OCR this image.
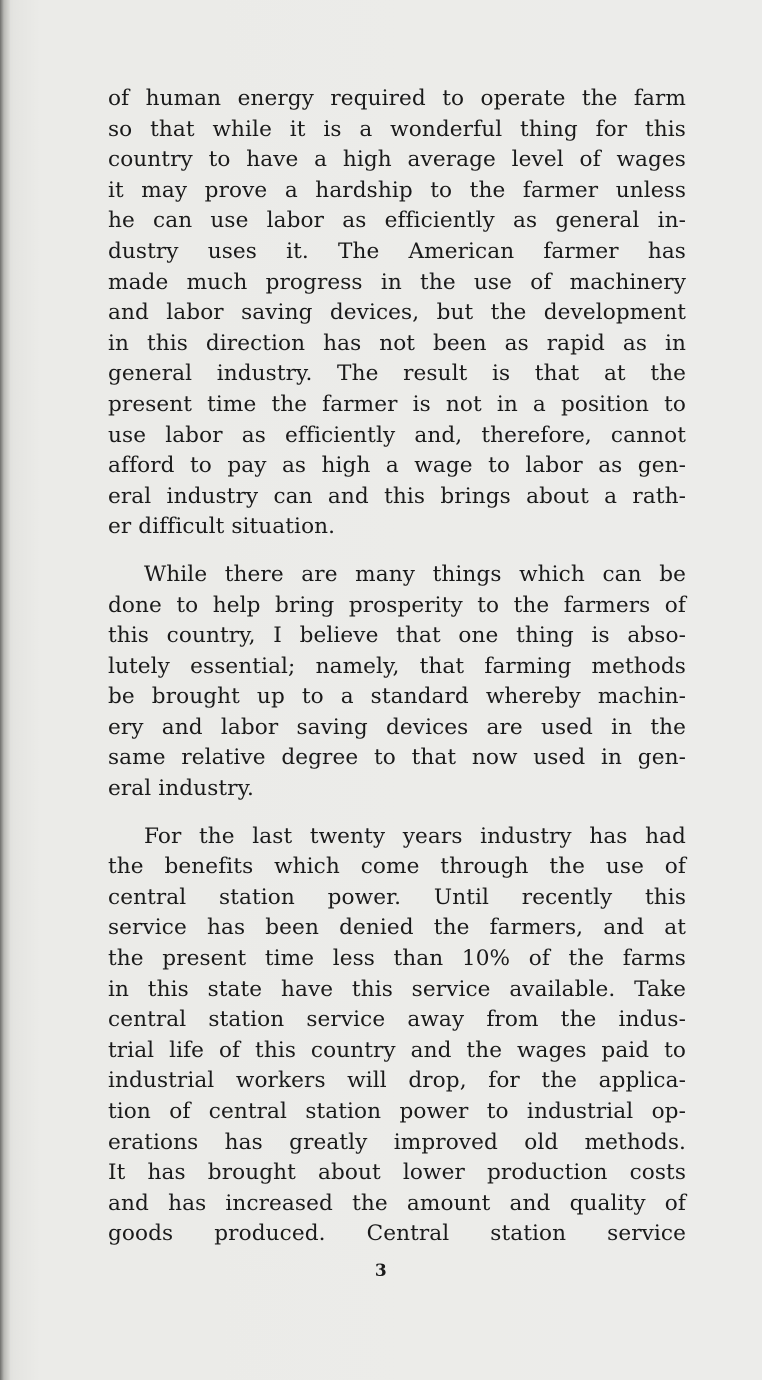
of human energy required to operate the farm
so that while it is a wonderful thing for this
country to have a high average level of wages
it may prove a hardship to the farmer unless
he can use labor as efficiently as general in-
dustry uses it. The American farmer has
made much progress in the use of machinery
and labor saving devices, but the development
in this direction has not been as rapid as in
general industry. The result is that at the
present time the farmer is not in a position to
use labor as efficiently and, therefore, cannot
afford to pay as high a wage to labor as gen-
eral industry can and this brings about a rath-
er difficult situation.
While there are many things which can be
done to help bring prosperity to the farmers of
this country, I believe that one thing is abso-
lutely essential; namely, that farming methods
be brought up to a standard whereby machin-
ery and labor saving devices are used in the
same relative degree to that now used in gen-
eral industry.
For the last twenty years industry has had
the benefits which come through the use of
central station power. Until recently this
service has been denied the farmers, and at
the present time less than 10% of the farms
in this state have this service available. Take
central station service away from the indus-
trial life of this country and the wages paid to
industrial workers will drop, for the applica-
tion of central station power to industrial op-
erations has greatly improved old methods.
It has brought about lower production costs
and has increased the amount and quality of
goods produced. Central station service
3
